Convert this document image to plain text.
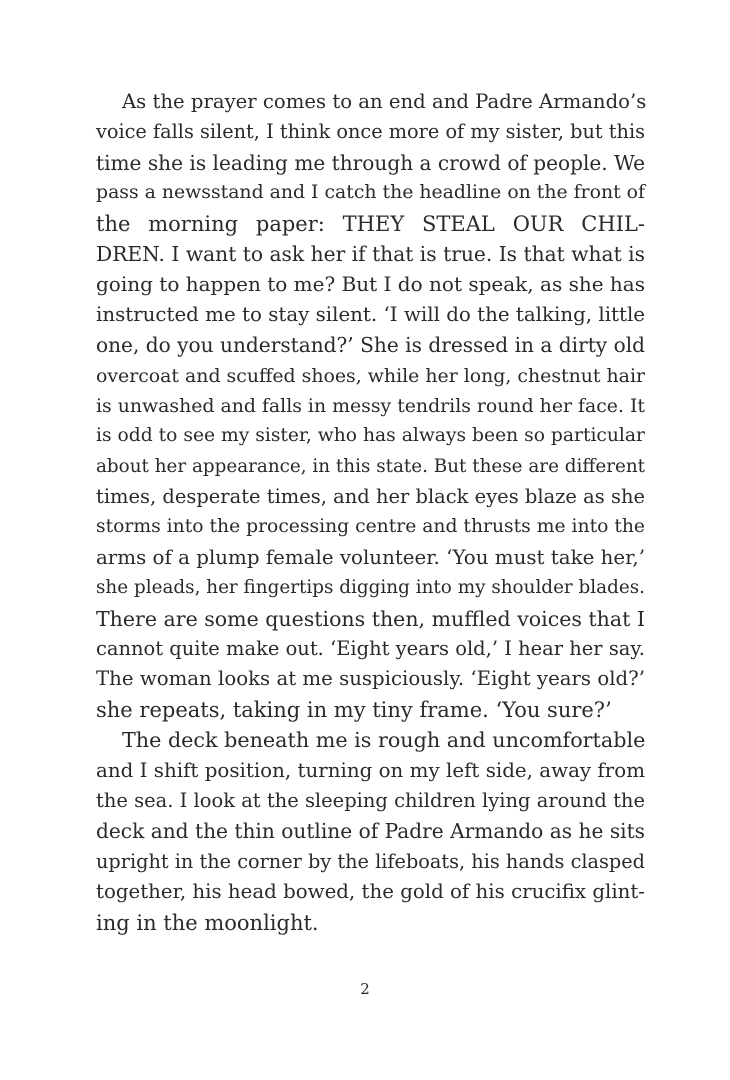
As the prayer comes to an end and Padre Armando’s
voice falls silent, I think once more of my sister, but this
time she is leading me through a crowd of people. We
pass a newsstand and I catch the headline on the front of
the morning paper: THEY STEAL OUR CHIL-
DREN. I want to ask her if that is true. Is that what is
going to happen to me? But I do not speak, as she has
instructed me to stay silent. ‘I will do the talking, little
one, do you understand?’ She is dressed in a dirty old
overcoat and scuffed shoes, while her long, chestnut hair
is unwashed and falls in messy tendrils round her face. It
is odd to see my sister, who has always been so particular
about her appearance, in this state. But these are different
times, desperate times, and her black eyes blaze as she
storms into the processing centre and thrusts me into the
arms of a plump female volunteer. ‘You must take her,’
she pleads, her fingertips digging into my shoulder blades.
There are some questions then, muffled voices that I
cannot quite make out. ‘Eight years old,’ I hear her say.
The woman looks at me suspiciously. ‘Eight years old?’
she repeats, taking in my tiny frame. ‘You sure?’
The deck beneath me is rough and uncomfortable
and I shift position, turning on my left side, away from
the sea. I look at the sleeping children lying around the
deck and the thin outline of Padre Armando as he sits
upright in the corner by the lifeboats, his hands clasped
together, his head bowed, the gold of his crucifix glint-
ing in the moonlight.
2
